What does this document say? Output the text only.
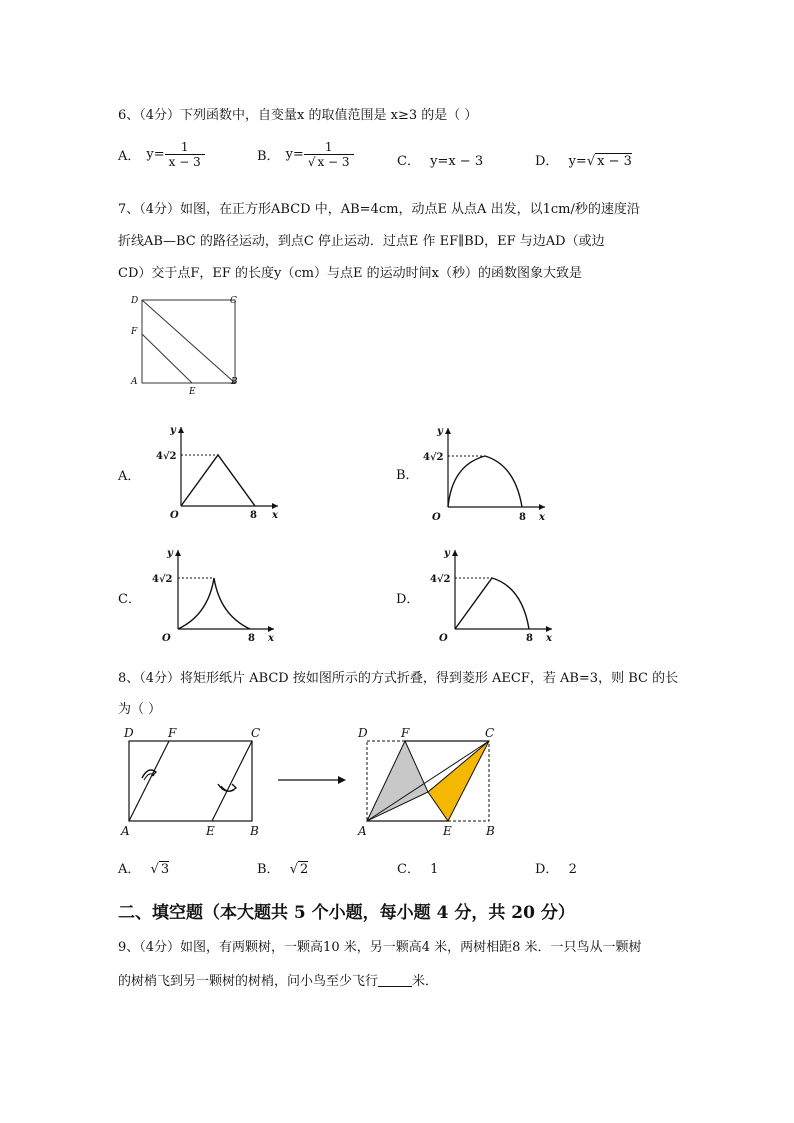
6、（4分）下列函数中，自变量x 的取值范围是 x≥3 的是（ ）
A． $y= \frac{1}{x - 3}$	B． $y= \frac{1}{√ x - 3}$	C． y=x − 3	D． y=√ x − 3
7、（4分）如图，在正方形ABCD 中，AB=4cm，动点E 从点A 出发，以1cm/秒的速度沿
折线AB—BC 的路径运动，到点C 停止运动．过点E 作 EF∥BD，EF 与边AD（或边
CD）交于点F，EF 的长度y（cm）与点E 的运动时间x（秒）的函数图象大致是
D	C
F
A
E
B
A．
y
x
O	8
4√2
B．
y
x
O	8
4√2
C．
y
x
O	8
4√2
D．
y
x
O	8
4√2
8、（4分）将矩形纸片 ABCD 按如图所示的方式折叠，得到菱形 AECF，若 AB=3，则 BC 的长
为（ ）
D	F	C
A	E	B
D	F	C
A	E	B
A． √ 3	B． √ 2	C． 1	D． 2
二、填空题（本大题共 5 个小题，每小题 4 分，共 20 分）
9、（4分）如图，有两颗树，一颗高10 米，另一颗高4 米，两树相距8 米．一只鸟从一颗树
的树梢飞到另一颗树的树梢，问小鸟至少飞行	米．
